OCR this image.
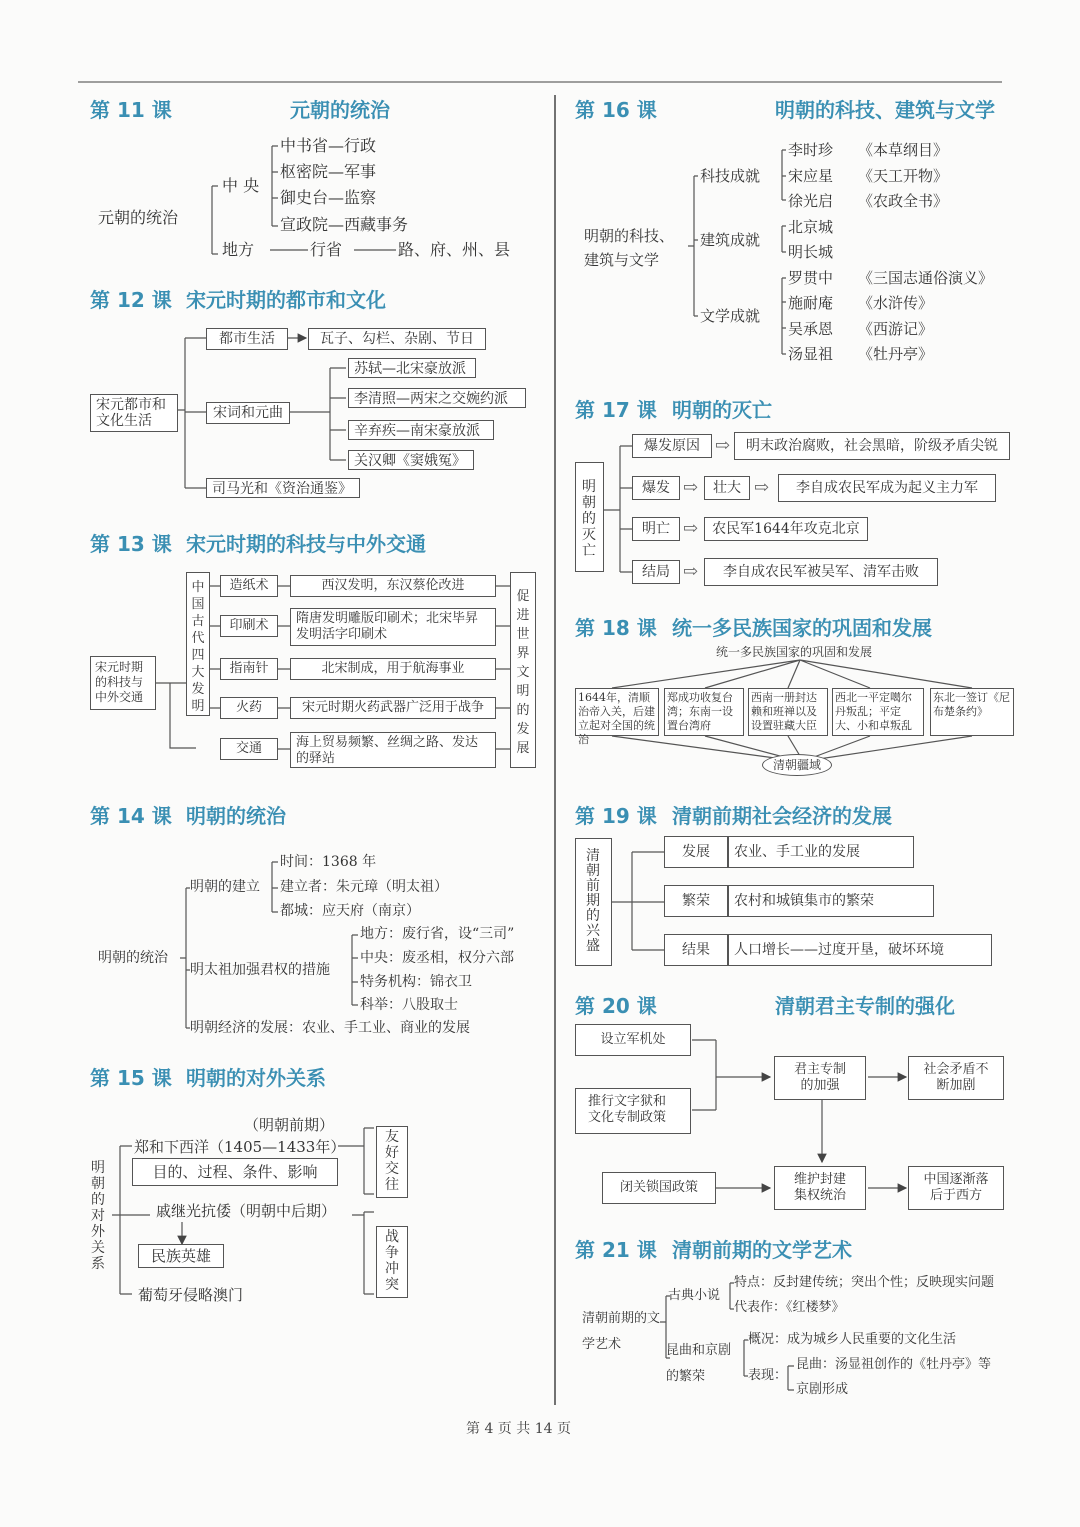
第 11 课	元朝的统治
元朝的统治
中 央
地方
中书省—行政
枢密院—军事
御史台—监察
宣政院—西藏事务
行省	路、府、州、县
第 12 课 宋元时期的都市和文化
宋元都市和文化生活
都市生活	瓦子、勾栏、杂剧、节日
宋词和元曲
苏轼—北宋豪放派
李清照—两宋之交婉约派
辛弃疾—南宋豪放派
关汉卿《窦娥冤》
司马光和《资治通鉴》
第 13 课 宋元时期的科技与中外交通
宋元时期的科技与中外交通
中国古代四大发明
造纸术	西汉发明，东汉蔡伦改进
印刷术	隋唐发明雕版印刷术；北宋毕昇发明活字印刷术
指南针	北宋制成，用于航海事业
火药	宋元时期火药武器广泛用于战争
交通	海上贸易频繁、丝绸之路、发达的驿站
促进世界文明的发展
第 14 课 明朝的统治
明朝的统治
明朝的建立
时间：1368 年
建立者：朱元璋（明太祖）
都城：应天府（南京）
明太祖加强君权的措施
地方：废行省，设“三司”
中央：废丞相，权分六部
特务机构：锦衣卫
科举：八股取士
明朝经济的发展：农业、手工业、商业的发展
第 15 课 明朝的对外关系
明朝的对外关系
（明朝前期）
郑和下西洋（1405—1433年）
目的、过程、条件、影响
戚继光抗倭（明朝中后期）
民族英雄
葡萄牙侵略澳门
友好交往
战争冲突
第 16 课	明朝的科技、建筑与文学
明朝的科技、建筑与文学
科技成就
建筑成就
文学成就
李时珍 《本草纲目》
宋应星 《天工开物》
徐光启 《农政全书》
北京城
明长城
罗贯中 《三国志通俗演义》
施耐庵 《水浒传》
吴承恩 《西游记》
汤显祖 《牡丹亭》
第 17 课 明朝的灭亡
明朝的灭亡
爆发原因 ⇨	明末政治腐败，社会黑暗，阶级矛盾尖锐
爆发 ⇨	壮大 ⇨	李自成农民军成为起义主力军
明亡 ⇨	农民军1644年攻克北京
结局 ⇨	李自成农民军被吴军、清军击败
第 18 课 统一多民族国家的巩固和发展
统一多民族国家的巩固和发展
1644年，清顺治帝入关，后建立起对全国的统治
郑成功收复台湾；东南一设置台湾府
西南一册封达赖和班禅以及设置驻藏大臣
西北一平定噶尔丹叛乱；平定大、小和卓叛乱
东北一签订《尼布楚条约》
清朝疆域
第 19 课 清朝前期社会经济的发展
清朝前期的兴盛
发展	农业、手工业的发展
繁荣	农村和城镇集市的繁荣
结果	人口增长——过度开垦，破坏环境
第 20 课	清朝君主专制的强化
设立军机处
推行文字狱和文化专制政策
君主专制的加强
社会矛盾不断加剧
闭关锁国政策
维护封建集权统治
中国逐渐落后于西方
第 21 课 清朝前期的文学艺术
清朝前期的文学艺术
古典小说
特点：反封建传统；突出个性；反映现实问题
代表作：《红楼梦》
昆曲和京剧的繁荣
概况：成为城乡人民重要的文化生活
表现：
昆曲：汤显祖创作的《牡丹亭》等
京剧形成
第 4 页 共 14 页
